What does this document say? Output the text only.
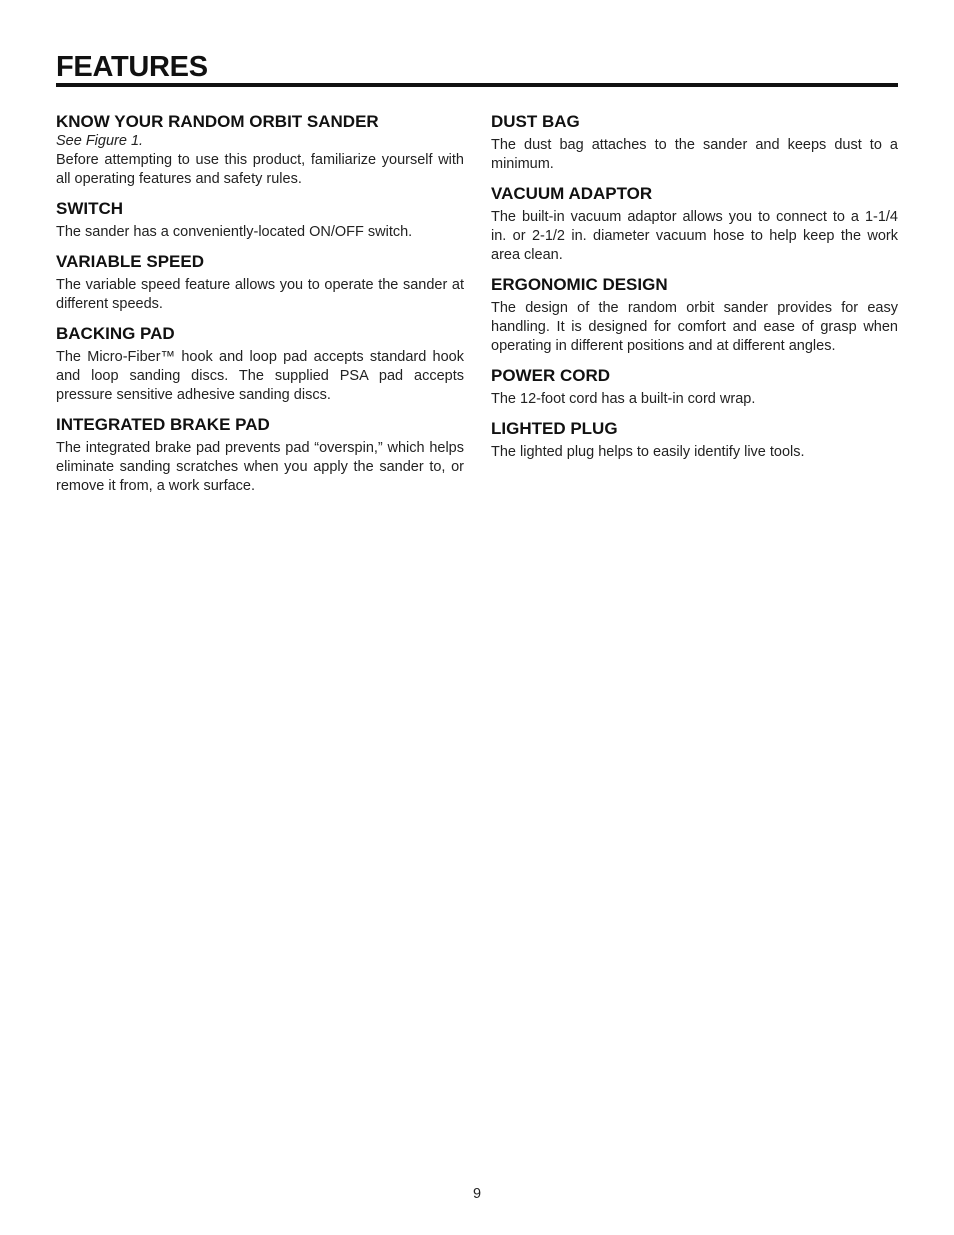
FEATURES
KNOW YOUR RANDOM ORBIT SANDER

See Figure 1.

Before attempting to use this product, familiarize yourself with all operating features and safety rules.

SWITCH

The sander has a conveniently-located ON/OFF switch.

VARIABLE SPEED

The variable speed feature allows you to operate the sander at different speeds.

BACKING PAD

The Micro-Fiber™ hook and loop pad accepts standard hook and loop sanding discs. The supplied PSA pad accepts pressure sensitive adhesive sanding discs.

INTEGRATED BRAKE PAD

The integrated brake pad prevents pad “overspin,” which helps eliminate sanding scratches when you apply the sander to, or remove it from, a work surface.

DUST BAG

The dust bag attaches to the sander and keeps dust to a minimum.

VACUUM ADAPTOR

The built-in vacuum adaptor allows you to connect to a 1-1/4 in. or 2-1/2 in. diameter vacuum hose to help keep the work area clean.

ERGONOMIC DESIGN

The design of the random orbit sander provides for easy handling. It is designed for comfort and ease of grasp when operating in different positions and at different angles.

POWER CORD

The 12-foot cord has a built-in cord wrap.

LIGHTED PLUG

The lighted plug helps to easily identify live tools.

9
